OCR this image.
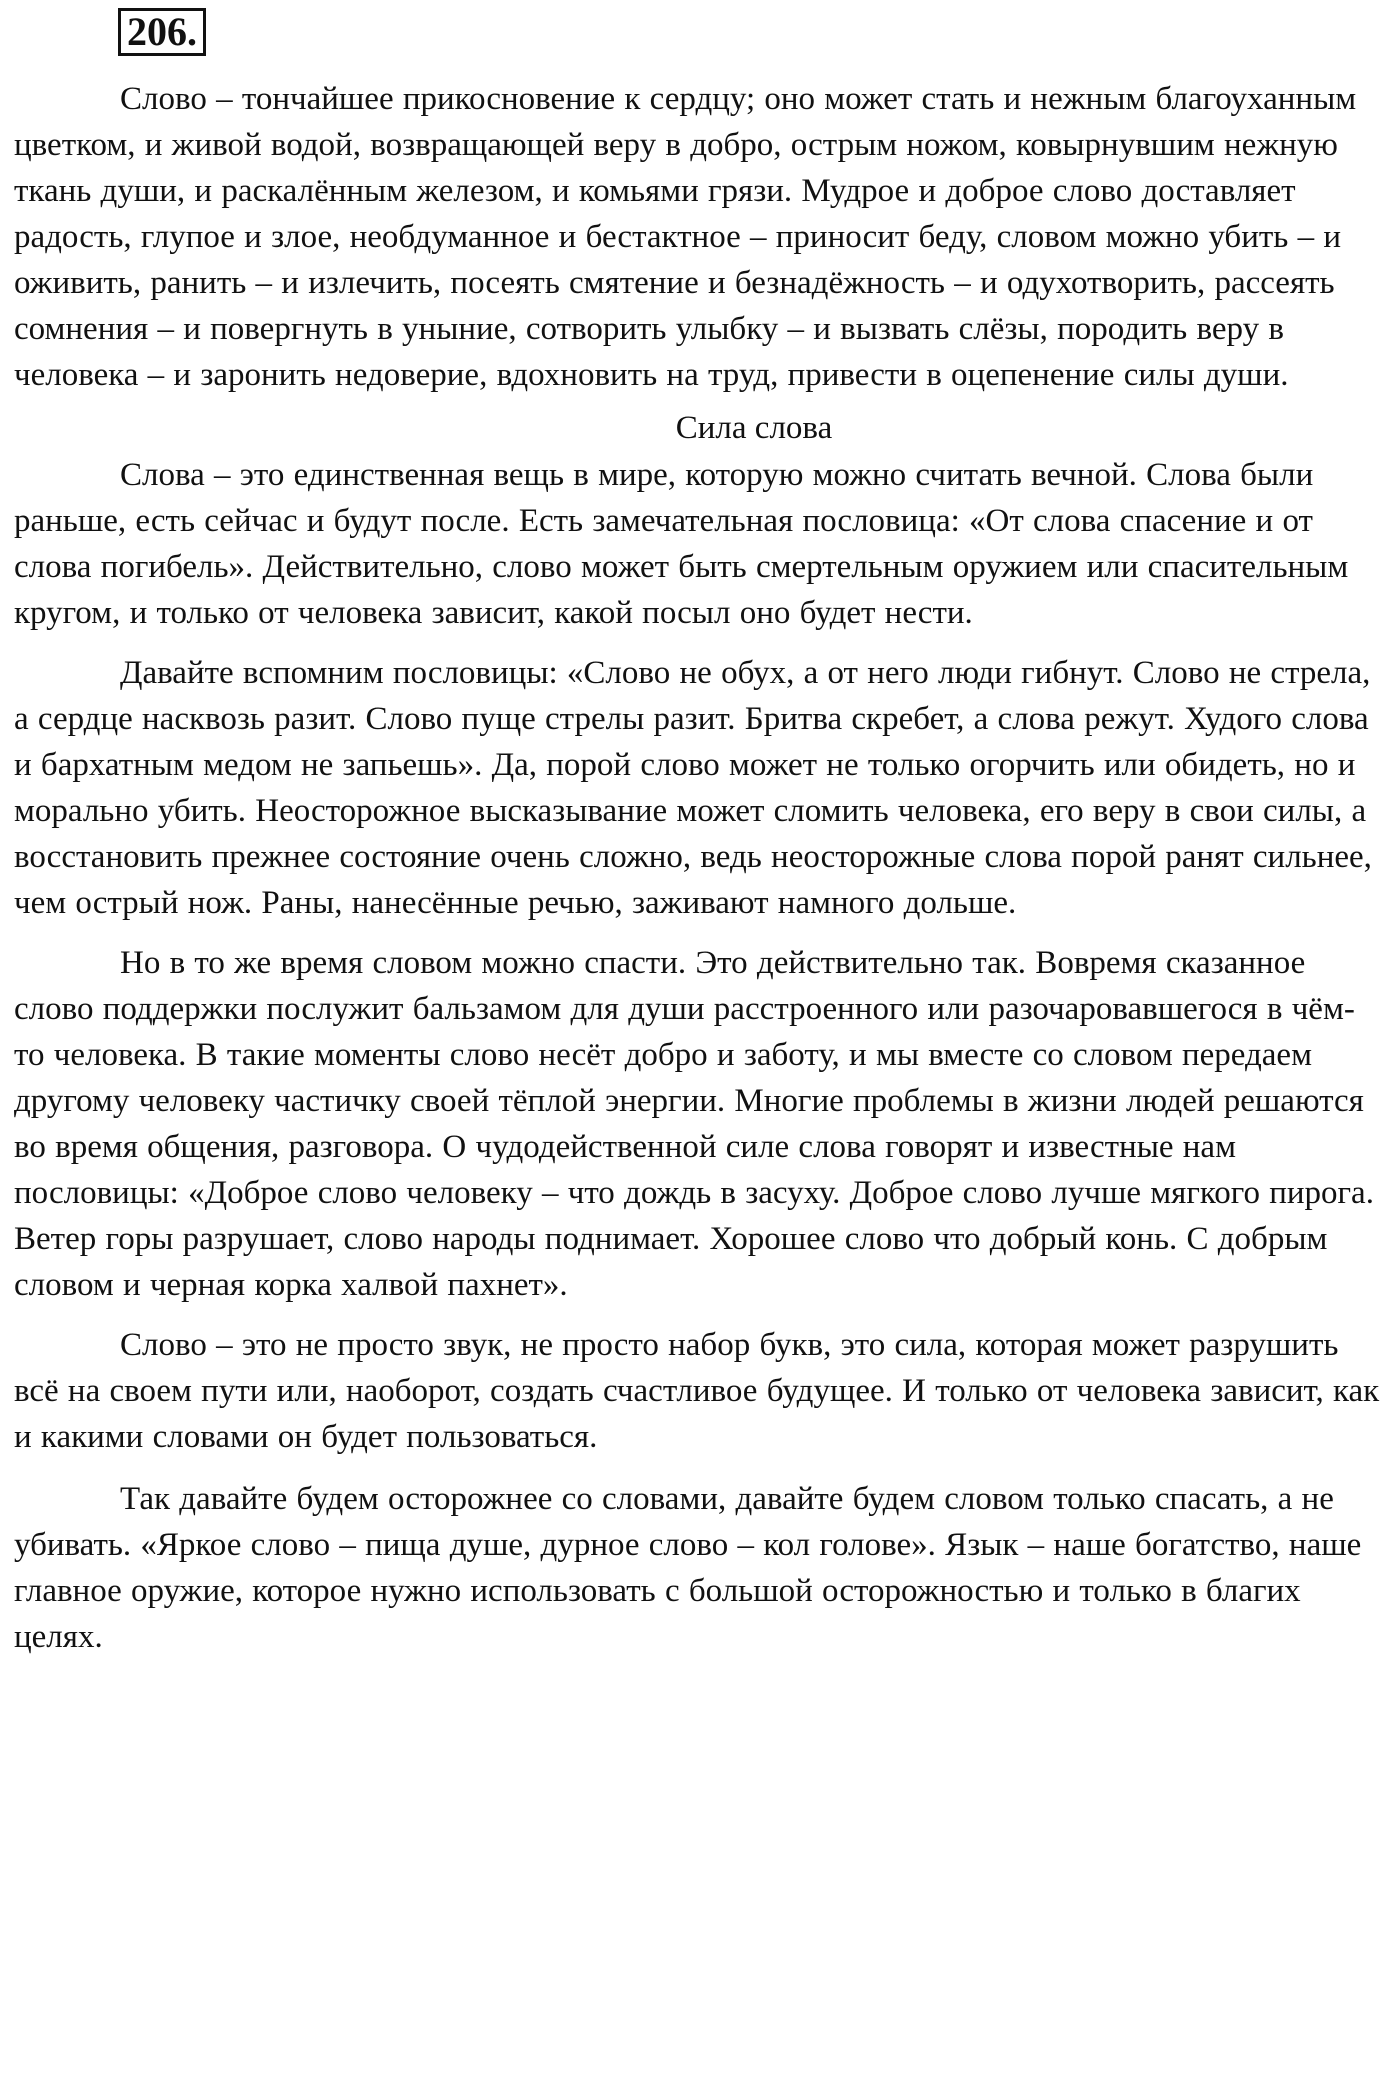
206.

Слово – тончайшее прикосновение к сердцу; оно может стать и нежным благоуханным цветком, и живой водой, возвращающей веру в добро, острым ножом, ковырнувшим нежную ткань души, и раскалённым железом, и комьями грязи. Мудрое и доброе слово доставляет радость, глупое и злое, необдуманное и бестактное – приносит беду, словом можно убить – и оживить, ранить – и излечить, посеять смятение и безнадёжность – и одухотворить, рассеять сомнения – и повергнуть в уныние, сотворить улыбку – и вызвать слёзы, породить веру в человека – и заронить недоверие, вдохновить на труд, привести в оцепенение силы души.

Сила слова

Слова – это единственная вещь в мире, которую можно считать вечной. Слова были раньше, есть сейчас и будут после. Есть замечательная пословица: «От слова спасение и от слова погибель». Действительно, слово может быть смертельным оружием или спасительным кругом, и только от человека зависит, какой посыл оно будет нести.

Давайте вспомним пословицы: «Слово не обух, а от него люди гибнут. Слово не стрела, а сердце насквозь разит. Слово пуще стрелы разит. Бритва скребет, а слова режут. Худого слова и бархатным медом не запьешь». Да, порой слово может не только огорчить или обидеть, но и морально убить. Неосторожное высказывание может сломить человека, его веру в свои силы, а восстановить прежнее состояние очень сложно, ведь неосторожные слова порой ранят сильнее, чем острый нож. Раны, нанесённые речью, заживают намного дольше.

Но в то же время словом можно спасти. Это действительно так. Вовремя сказанное слово поддержки послужит бальзамом для души расстроенного или разочаровавшегося в чём-то человека. В такие моменты слово несёт добро и заботу, и мы вместе со словом передаем другому человеку частичку своей тёплой энергии. Многие проблемы в жизни людей решаются во время общения, разговора. О чудодейственной силе слова говорят и известные нам пословицы: «Доброе слово человеку – что дождь в засуху. Доброе слово лучше мягкого пирога. Ветер горы разрушает, слово народы поднимает. Хорошее слово что добрый конь. С добрым словом и черная корка халвой пахнет».

Слово – это не просто звук, не просто набор букв, это сила, которая может разрушить всё на своем пути или, наоборот, создать счастливое будущее. И только от человека зависит, как и какими словами он будет пользоваться.

Так давайте будем осторожнее со словами, давайте будем словом только спасать, а не убивать. «Яркое слово – пища душе, дурное слово – кол голове». Язык – наше богатство, наше главное оружие, которое нужно использовать с большой осторожностью и только в благих целях.
